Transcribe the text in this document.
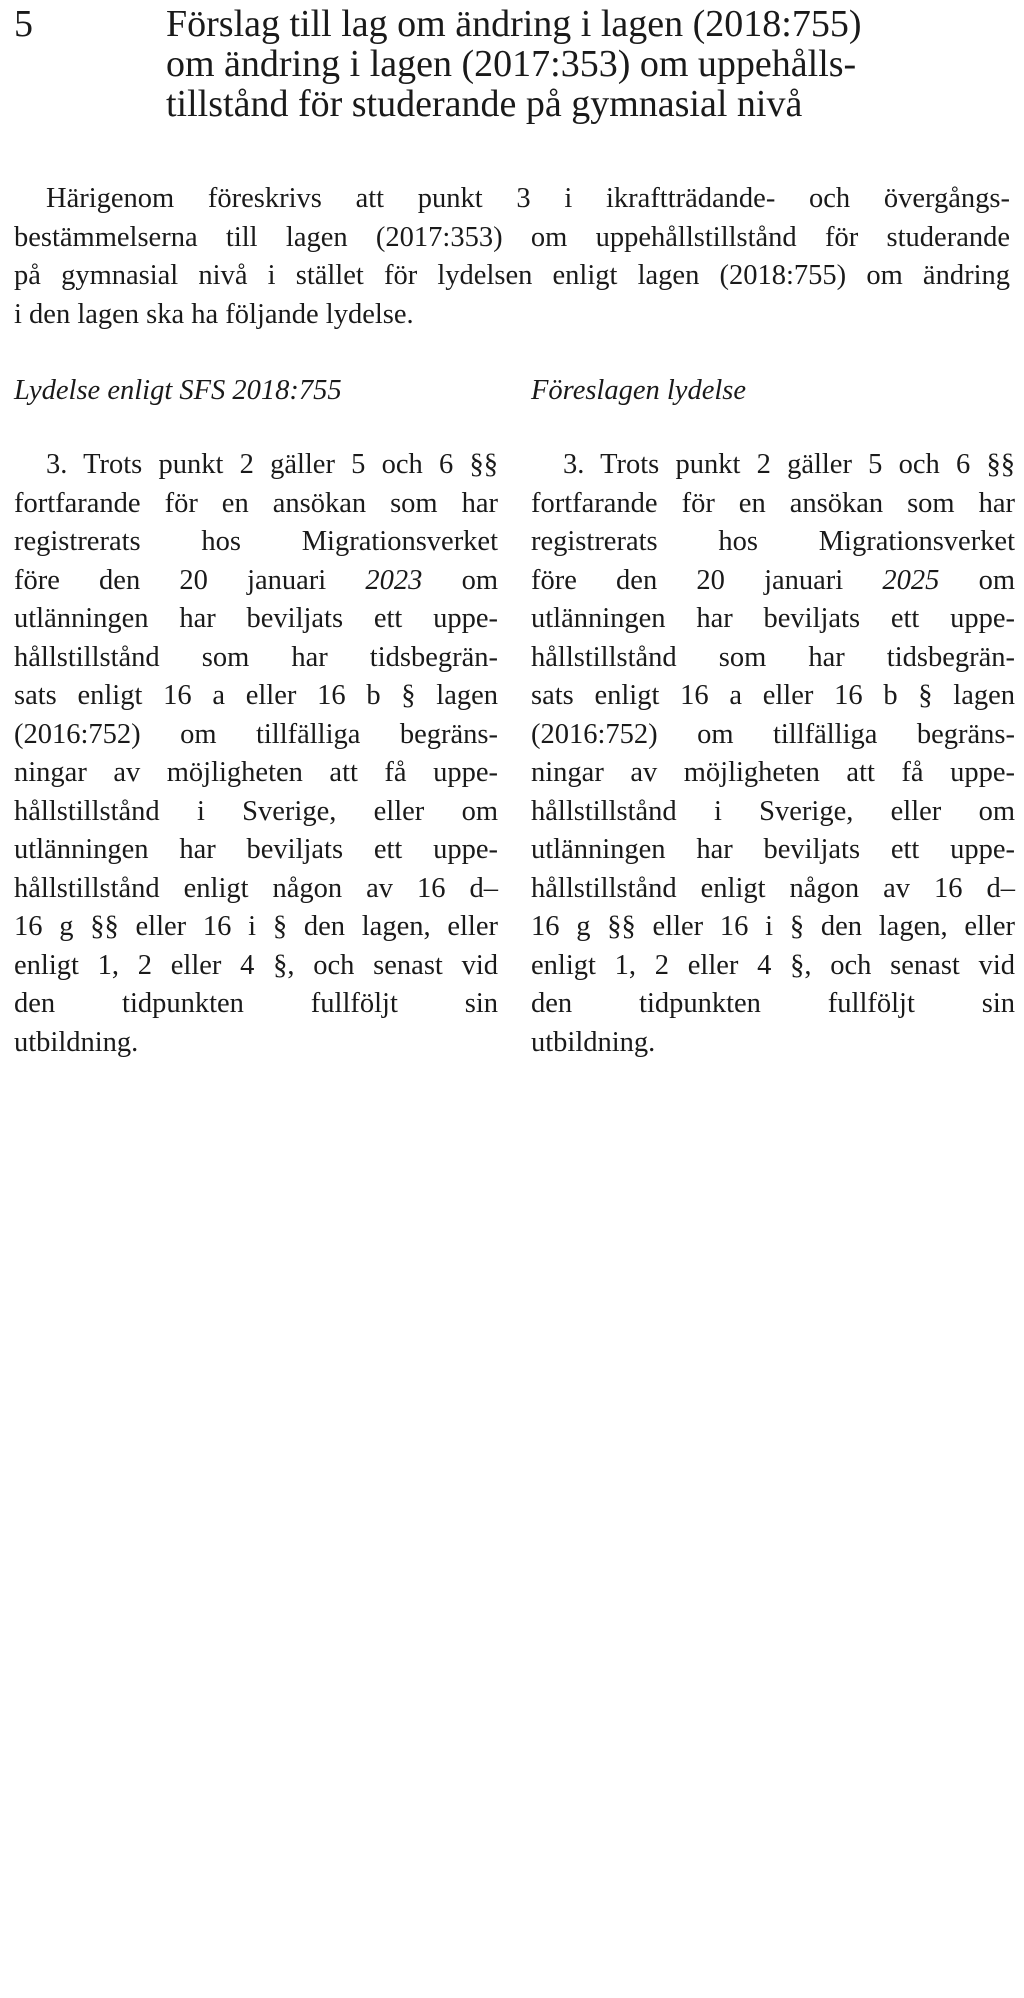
5	Förslag till lag om ändring i lagen (2018:755)
om ändring i lagen (2017:353) om uppehålls-
tillstånd för studerande på gymnasial nivå
Härigenom föreskrivs att punkt 3 i ikraftträdande- och övergångs-
bestämmelserna till lagen (2017:353) om uppehållstillstånd för studerande
på gymnasial nivå i stället för lydelsen enligt lagen (2018:755) om ändring
i den lagen ska ha följande lydelse.
Lydelse enligt SFS 2018:755	Föreslagen lydelse
3. Trots punkt 2 gäller 5 och 6 §§
fortfarande för en ansökan som har
registrerats hos Migrationsverket
före den 20 januari 2023 om
utlänningen har beviljats ett uppe-
hållstillstånd som har tidsbegrän-
sats enligt 16 a eller 16 b § lagen
(2016:752) om tillfälliga begräns-
ningar av möjligheten att få uppe-
hållstillstånd i Sverige, eller om
utlänningen har beviljats ett uppe-
hållstillstånd enligt någon av 16 d–
16 g §§ eller 16 i § den lagen, eller
enligt 1, 2 eller 4 §, och senast vid
den tidpunkten fullföljt sin
utbildning.
3. Trots punkt 2 gäller 5 och 6 §§
fortfarande för en ansökan som har
registrerats hos Migrationsverket
före den 20 januari 2025 om
utlänningen har beviljats ett uppe-
hållstillstånd som har tidsbegrän-
sats enligt 16 a eller 16 b § lagen
(2016:752) om tillfälliga begräns-
ningar av möjligheten att få uppe-
hållstillstånd i Sverige, eller om
utlänningen har beviljats ett uppe-
hållstillstånd enligt någon av 16 d–
16 g §§ eller 16 i § den lagen, eller
enligt 1, 2 eller 4 §, och senast vid
den tidpunkten fullföljt sin
utbildning.
